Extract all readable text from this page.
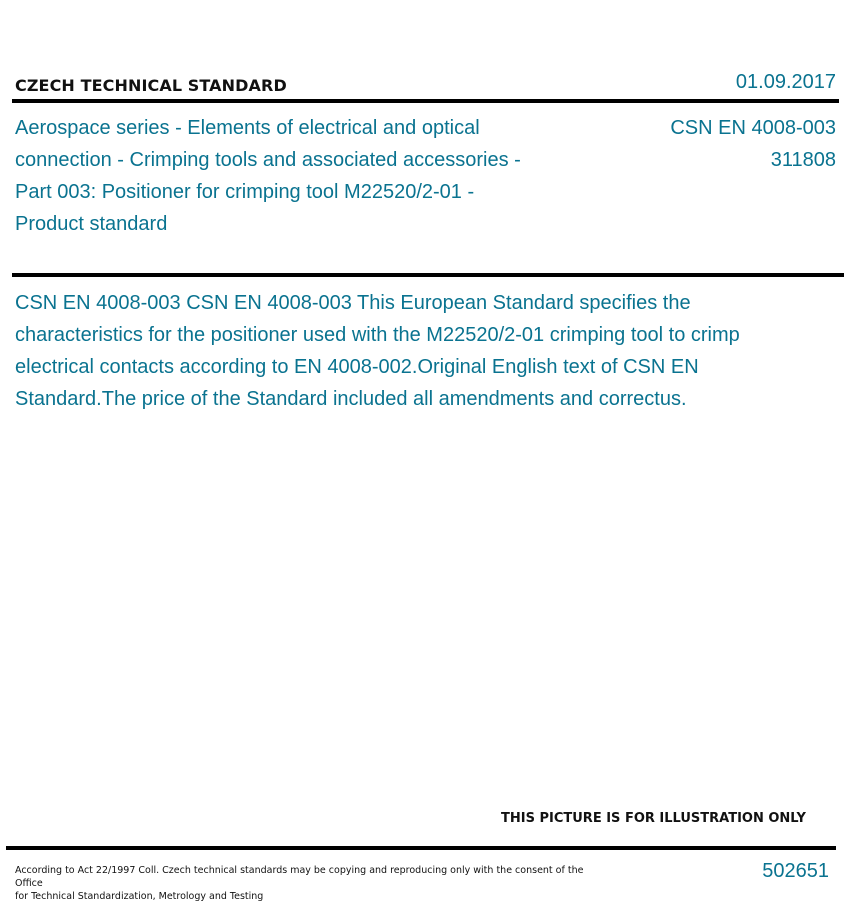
CZECH TECHNICAL STANDARD	01.09.2017
Aerospace series - Elements of electrical and optical connection - Crimping tools and associated accessories - Part 003: Positioner for crimping tool M22520/2-01 - Product standard
CSN EN 4008-003
311808
CSN EN 4008-003 CSN EN 4008-003 This European Standard specifies the characteristics for the positioner used with the M22520/2-01 crimping tool to crimp electrical contacts according to EN 4008-002.Original English text of CSN EN Standard.The price of the Standard included all amendments and correctus.
THIS PICTURE IS FOR ILLUSTRATION ONLY
According to Act 22/1997 Coll. Czech technical standards may be copying and reproducing only with the consent of the Office
for Technical Standardization, Metrology and Testing
502651
